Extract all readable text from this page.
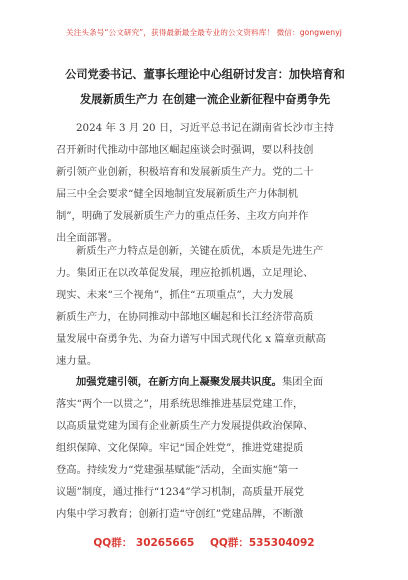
关注头条号“公文研究”，获得最新最全最专业的公文资料库！ 微信：gongwenyj
公司党委书记、董事长理论中心组研讨发言：加快培育和
发展新质生产力 在创建一流企业新征程中奋勇争先
2024 年 3 月 20 日，习近平总书记在湖南省长沙市主持
召开新时代推动中部地区崛起座谈会时强调，要以科技创
新引领产业创新，积极培育和发展新质生产力。党的二十
届三中全会要求“健全因地制宜发展新质生产力体制机
制”，明确了发展新质生产力的重点任务、主攻方向并作
出全面部署。
新质生产力特点是创新，关键在质优，本质是先进生产
力。集团正在以改革促发展，理应抢抓机遇，立足理论、
现实、未来“三个视角”，抓住“五项重点”，大力发展
新质生产力，在协同推动中部地区崛起和长江经济带高质
量发展中奋勇争先、为奋力谱写中国式现代化 x 篇章贡献高
速力量。
加强党建引领，在新方向上凝聚发展共识度。集团全面
落实“两个一以贯之”，用系统思维推进基层党建工作，
以高质量党建为国有企业新质生产力发展提供政治保障、
组织保障、文化保障。牢记“国企姓党”，推进党建提质
登高。持续发力“党建强基赋能”活动，全面实施“第一
议题”制度，通过推行“1234”学习机制，高质量开展党
内集中学习教育；创新打造“守创红”党建品牌，不断激
QQ群： 30265665 QQ群：535304092
